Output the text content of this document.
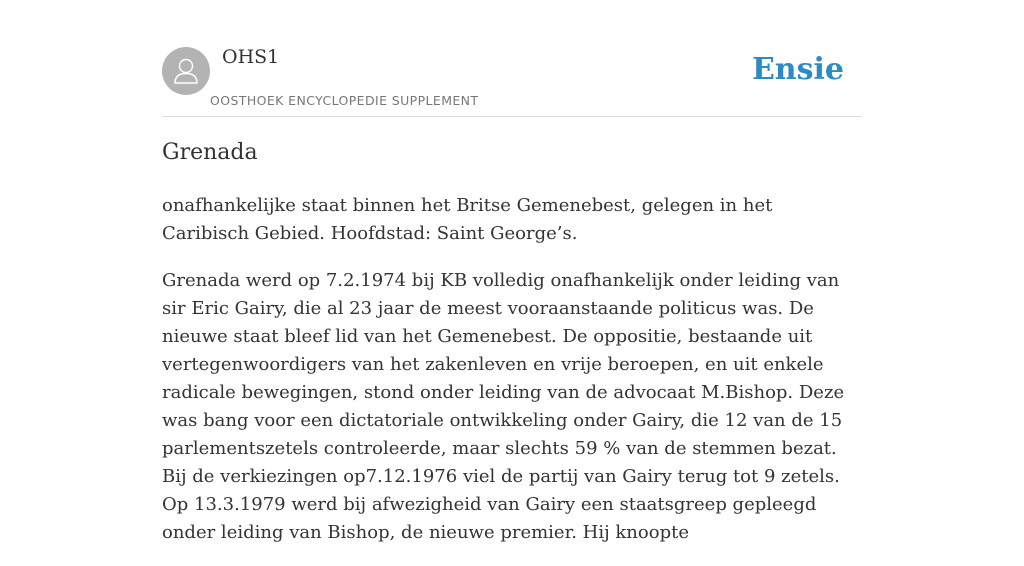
OHS1
OOSTHOEK ENCYCLOPEDIE SUPPLEMENT
Ensie
Grenada

onafhankelijke staat binnen het Britse Gemenebest, gelegen in het Caribisch Gebied. Hoofdstad: Saint George’s.

Grenada werd op 7.2.1974 bij KB volledig onafhankelijk onder leiding van sir Eric Gairy, die al 23 jaar de meest vooraanstaande politicus was. De nieuwe staat bleef lid van het Gemenebest. De oppositie, bestaande uit vertegenwoordigers van het zakenleven en vrije beroepen, en uit enkele radicale bewegingen, stond onder leiding van de advocaat M.Bishop. Deze was bang voor een dictatoriale ontwikkeling onder Gairy, die 12 van de 15 parlementszetels controleerde, maar slechts 59 % van de stemmen bezat. Bij de verkiezingen op7.12.1976 viel de partij van Gairy terug tot 9 zetels. Op 13.3.1979 werd bij afwezigheid van Gairy een staatsgreep gepleegd onder leiding van Bishop, de nieuwe premier. Hij knoopte
